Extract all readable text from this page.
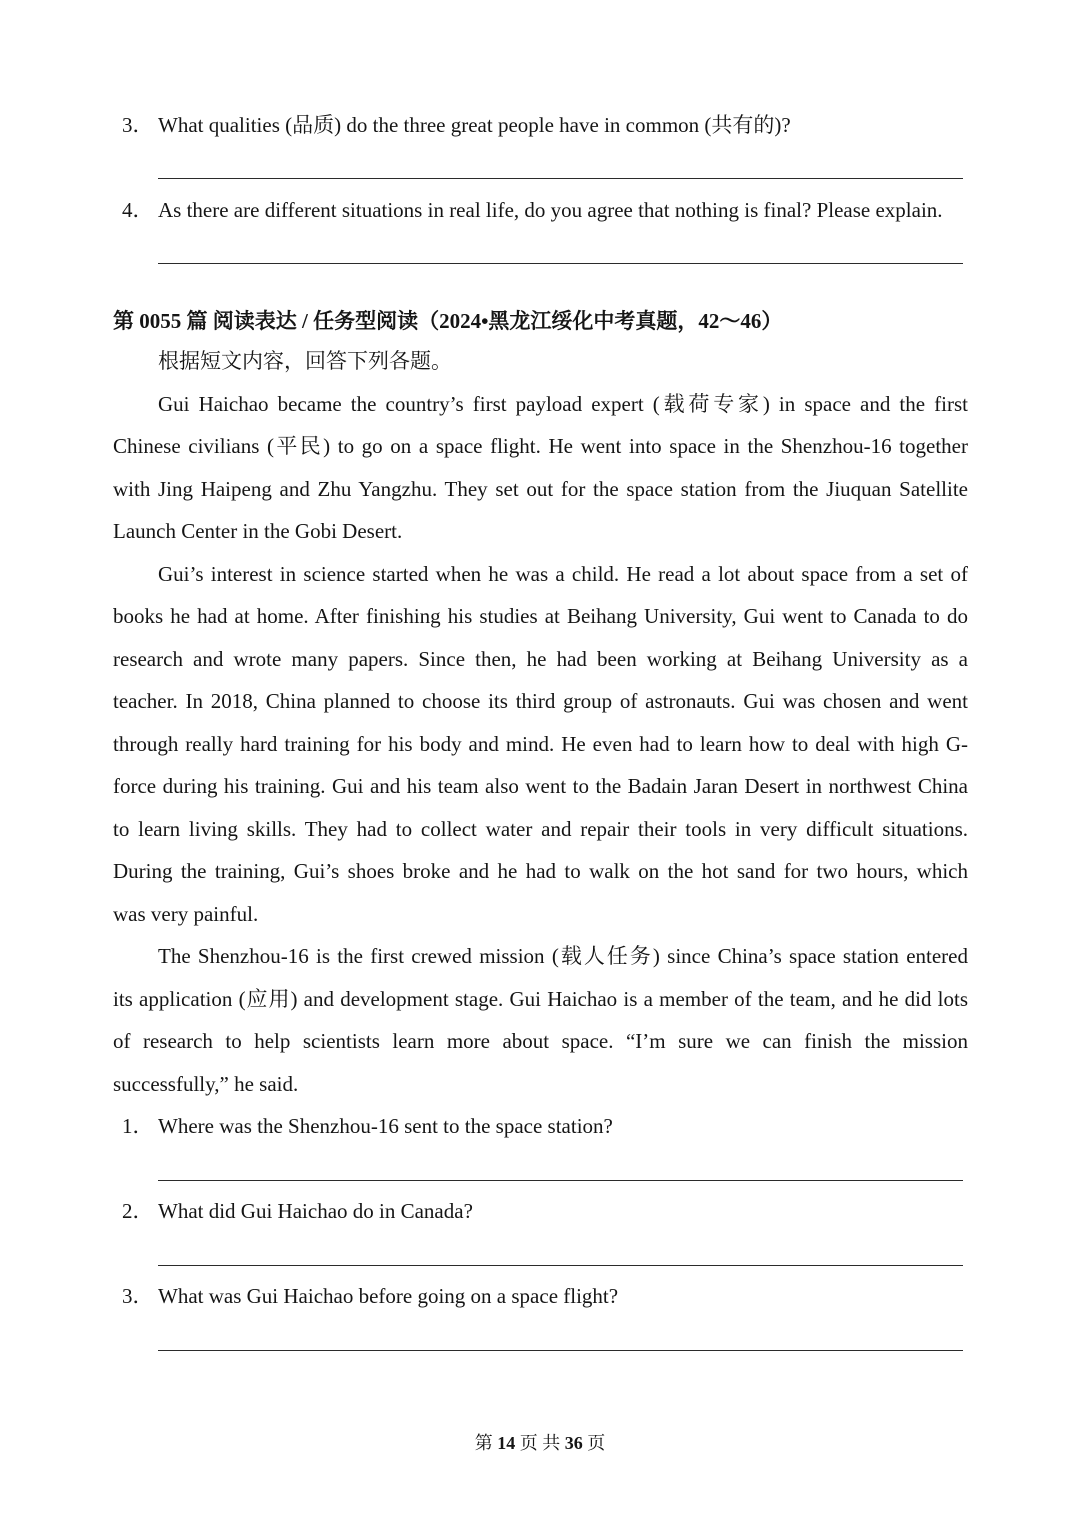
3． What qualities (品质) do the three great people have in common (共有的)?
4． As there are different situations in real life, do you agree that nothing is final? Please explain.
第 0055 篇 阅读表达 / 任务型阅读（2024•黑龙江绥化中考真题，42～46）
根据短文内容，回答下列各题。
Gui Haichao became the country’s first payload expert (载荷专家) in space and the first
Chinese civilians (平民) to go on a space flight. He went into space in the Shenzhou-16 together
with Jing Haipeng and Zhu Yangzhu. They set out for the space station from the Jiuquan Satellite
Launch Center in the Gobi Desert.
Gui’s interest in science started when he was a child. He read a lot about space from a set of
books he had at home. After finishing his studies at Beihang University, Gui went to Canada to do
research and wrote many papers. Since then, he had been working at Beihang University as a
teacher. In 2018, China planned to choose its third group of astronauts. Gui was chosen and went
through really hard training for his body and mind. He even had to learn how to deal with high G-
force during his training. Gui and his team also went to the Badain Jaran Desert in northwest China
to learn living skills. They had to collect water and repair their tools in very difficult situations.
During the training, Gui’s shoes broke and he had to walk on the hot sand for two hours, which
was very painful.
The Shenzhou-16 is the first crewed mission (载人任务) since China’s space station entered
its application (应用) and development stage. Gui Haichao is a member of the team, and he did lots
of research to help scientists learn more about space. “I’m sure we can finish the mission
successfully,” he said.
1． Where was the Shenzhou-16 sent to the space station?
2． What did Gui Haichao do in Canada?
3． What was Gui Haichao before going on a space flight?
第 14 页 共 36 页
